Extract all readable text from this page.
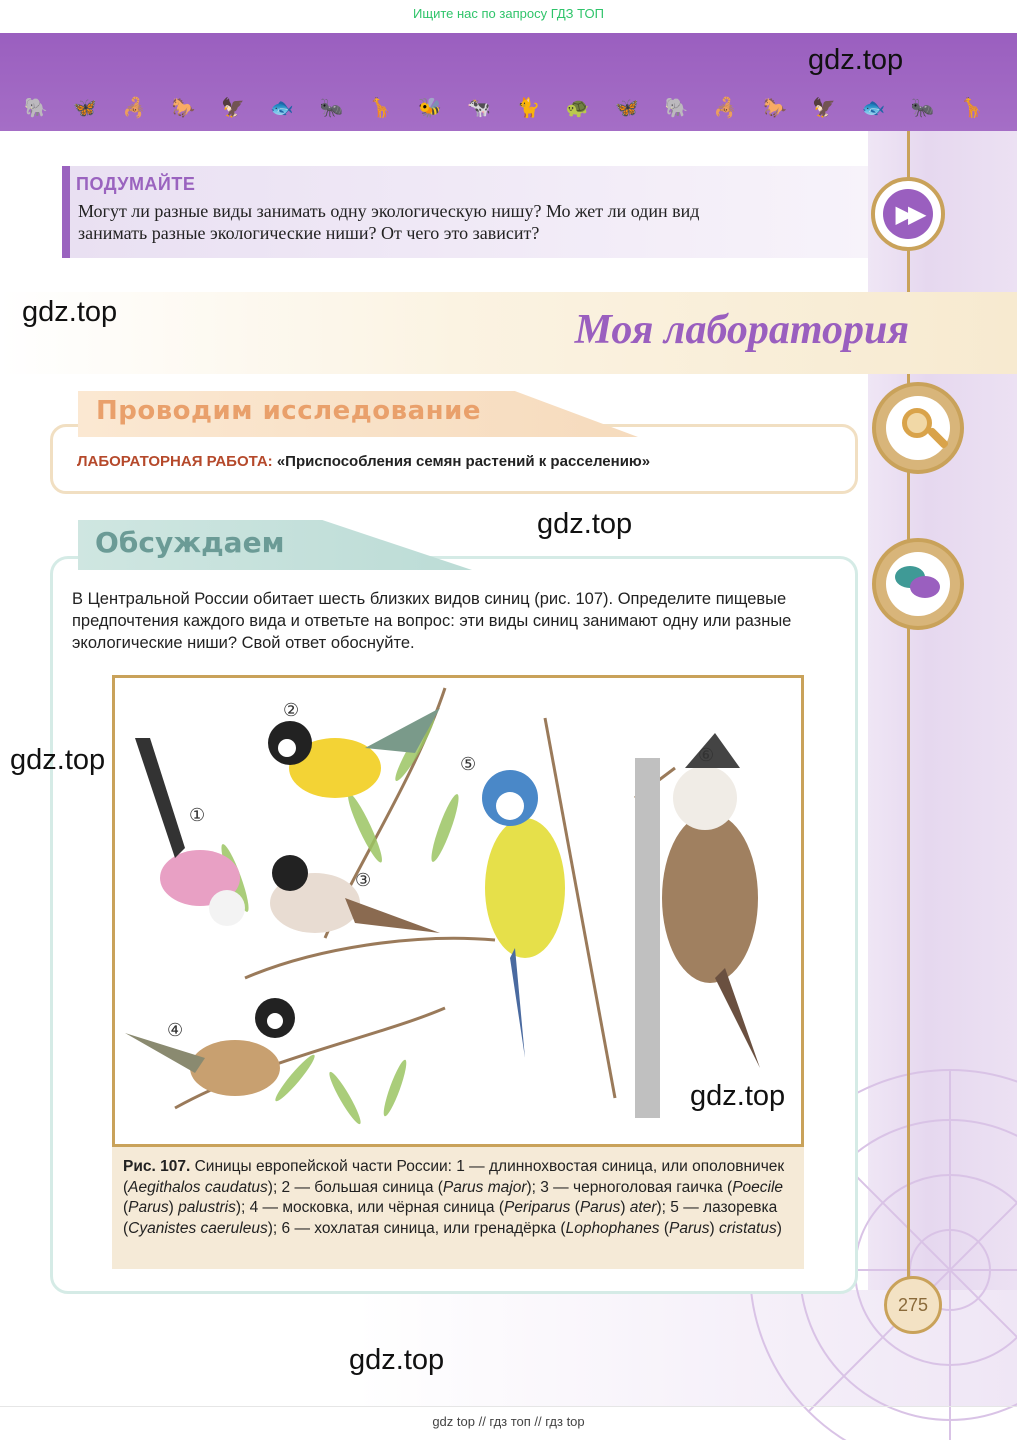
Ищите нас по запросу ГДЗ ТОП
🐘 🦋 🦂 🐎 🦅 🐟 🐜 🦒 🐝 🐄 🐈 🐢 🦋 🐘 🦂 🐎 🦅 🐟 🐜 🦒
ПОДУМАЙТЕ
Могут ли разные виды занимать одну экологическую нишу? Мо жет ли один вид занимать разные экологические ниши? От чего это зависит?
▶▶
Моя лаборатория
Проводим исследование
ЛАБОРАТОРНАЯ РАБОТА: «Приспособления семян растений к расселению»
Обсуждаем
В Центральной России обитает шесть близких видов синиц (рис. 107). Определите пищевые предпочтения каждого вида и ответьте на вопрос: эти виды синиц занимают одну или разные экологические ниши? Свой ответ обоснуйте.
①
②
③
④
⑤	⑥
Рис. 107. Синицы европейской части России: 1 — длиннохвостая синица, или ополовничек (Aegithalos caudatus); 2 — большая синица (Parus major); 3 — черноголовая гаичка (Poecile (Parus) palustris); 4 — московка, или чёрная синица (Periparus (Parus) ater); 5 — лазоревка (Cyanistes caeruleus); 6 — хохлатая синица, или гренадёрка (Lophophanes (Parus) cristatus)
275
gdz.top
gdz.top
gdz.top
gdz.top
gdz.top
gdz.top
gdz top // гдз топ // гдз top
